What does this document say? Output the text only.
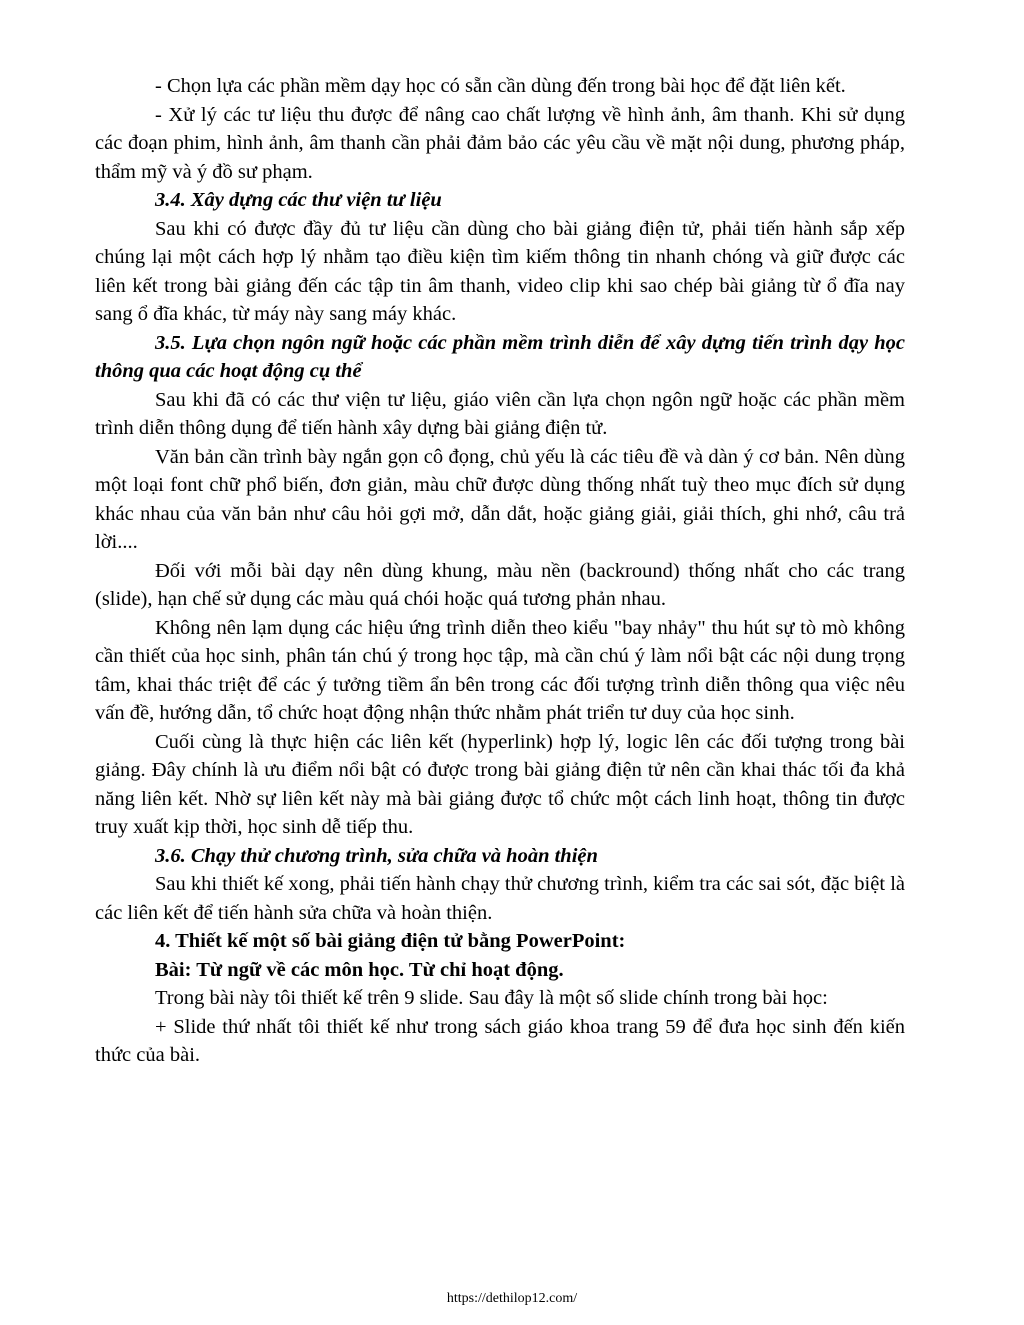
- Chọn lựa các phần mềm dạy học có sẵn cần dùng đến trong bài học để đặt liên kết.

- Xử lý các tư liệu thu được để nâng cao chất lượng về hình ảnh, âm thanh. Khi sử dụng các đoạn phim, hình ảnh, âm thanh cần phải đảm bảo các yêu cầu về mặt nội dung, phương pháp, thẩm mỹ và ý đồ sư phạm.

3.4. Xây dựng các thư viện tư liệu

Sau khi có được đầy đủ tư liệu cần dùng cho bài giảng điện tử, phải tiến hành sắp xếp chúng lại một cách hợp lý nhằm tạo điều kiện tìm kiếm thông tin nhanh chóng và giữ được các liên kết trong bài giảng đến các tập tin âm thanh, video clip khi sao chép bài giảng từ ổ đĩa nay sang ổ đĩa khác, từ máy này sang máy khác.

3.5. Lựa chọn ngôn ngữ hoặc các phần mềm trình diễn để xây dựng tiến trình dạy học thông qua các hoạt động cụ thể

Sau khi đã có các thư viện tư liệu, giáo viên cần lựa chọn ngôn ngữ hoặc các phần mềm trình diễn thông dụng để tiến hành xây dựng bài giảng điện tử.

Văn bản cần trình bày ngắn gọn cô đọng, chủ yếu là các tiêu đề và dàn ý cơ bản. Nên dùng một loại font chữ phổ biến, đơn giản, màu chữ được dùng thống nhất tuỳ theo mục đích sử dụng khác nhau của văn bản như câu hỏi gợi mở, dẫn dắt, hoặc giảng giải, giải thích, ghi nhớ, câu trả lời....

Đối với mỗi bài dạy nên dùng khung, màu nền (backround) thống nhất cho các trang (slide), hạn chế sử dụng các màu quá chói hoặc quá tương phản nhau.

Không nên lạm dụng các hiệu ứng trình diễn theo kiểu "bay nhảy" thu hút sự tò mò không cần thiết của học sinh, phân tán chú ý trong học tập, mà cần chú ý làm nổi bật các nội dung trọng tâm, khai thác triệt để các ý tưởng tiềm ẩn bên trong các đối tượng trình diễn thông qua việc nêu vấn đề, hướng dẫn, tổ chức hoạt động nhận thức nhằm phát triển tư duy của học sinh.

Cuối cùng là thực hiện các liên kết (hyperlink) hợp lý, logic lên các đối tượng trong bài giảng. Đây chính là ưu điểm nổi bật có được trong bài giảng điện tử nên cần khai thác tối đa khả năng liên kết. Nhờ sự liên kết này mà bài giảng được tổ chức một cách linh hoạt, thông tin được truy xuất kịp thời, học sinh dễ tiếp thu.

3.6. Chạy thử chương trình, sửa chữa và hoàn thiện

Sau khi thiết kế xong, phải tiến hành chạy thử chương trình, kiểm tra các sai sót, đặc biệt là các liên kết để tiến hành sửa chữa và hoàn thiện.

4. Thiết kế một số bài giảng điện tử bằng PowerPoint:

Bài: Từ ngữ về các môn học. Từ chỉ hoạt động.

Trong bài này tôi thiết kế trên 9 slide. Sau đây là một số slide chính trong bài học:

+ Slide thứ nhất tôi thiết kế như trong sách giáo khoa trang 59 để đưa học sinh đến kiến thức của bài.

https://dethilop12.com/
